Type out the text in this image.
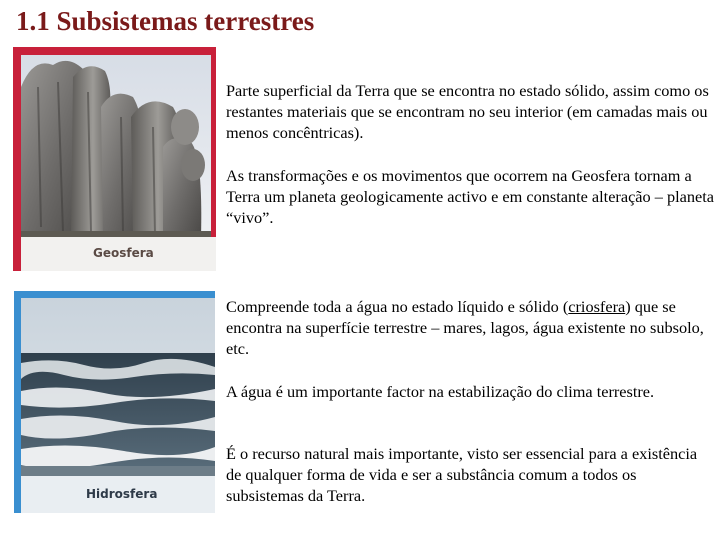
1.1 Subsistemas terrestres
Geosfera
Hidrosfera

Parte superficial da Terra que se encontra no estado sólido, assim como os restantes materiais que se encontram no seu interior (em camadas mais ou menos concêntricas).

As transformações e os movimentos que ocorrem na Geosfera tornam a Terra um planeta geologicamente activo e em constante alteração – planeta “vivo”.

Compreende toda a água no estado líquido e sólido (criosfera) que se encontra na superfície terrestre – mares, lagos, água existente no subsolo, etc.

A água é um importante factor na estabilização do clima terrestre.

É o recurso natural mais importante, visto ser essencial para a existência de qualquer forma de vida e ser a substância comum a todos os subsistemas da Terra.
